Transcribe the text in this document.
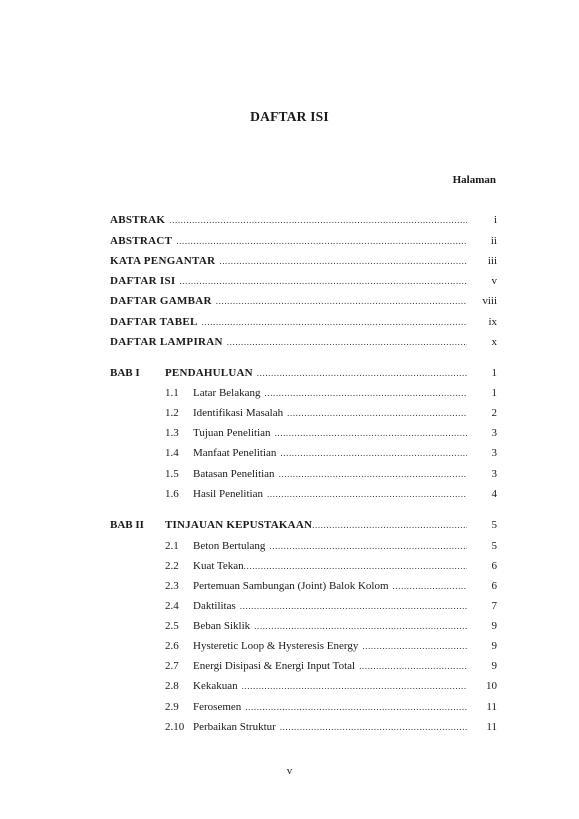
DAFTAR ISI
Halaman
ABSTRAK .....	i
ABSTRACT .....	ii
KATA PENGANTAR .....	iii
DAFTAR ISI .....	v
DAFTAR GAMBAR .....	viii
DAFTAR TABEL .....	ix
DAFTAR LAMPIRAN .....	x
BAB I	PENDAHULUAN .....	1
1.1	Latar Belakang .....	1
1.2	Identifikasi Masalah .....	2
1.3	Tujuan Penelitian .....	3
1.4	Manfaat Penelitian .....	3
1.5	Batasan Penelitian .....	3
1.6	Hasil Penelitian .....	4
BAB II	TINJAUAN KEPUSTAKAAN .....	5
2.1	Beton Bertulang .....	5
2.2	Kuat Tekan .....	6
2.3	Pertemuan Sambungan (Joint) Balok Kolom .....	6
2.4	Daktilitas .....	7
2.5	Beban Siklik .....	9
2.6	Hysteretic Loop & Hysteresis Energy .....	9
2.7	Energi Disipasi & Energi Input Total .....	9
2.8	Kekakuan .....	10
2.9	Ferosemen .....	11
2.10 Perbaikan Struktur .....	11
v
